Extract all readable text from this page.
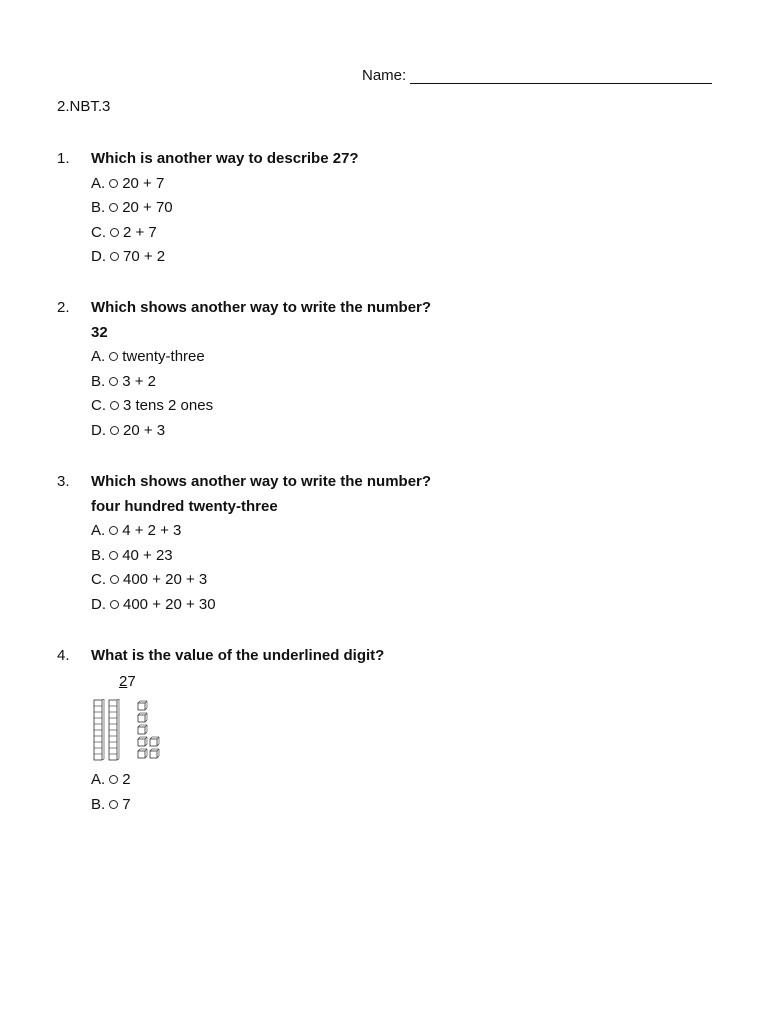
Name:
2.NBT.3
1.	Which is another way to describe 27?
A. 20 + 7
B. 20 + 70
C. 2 + 7
D. 70 + 2
2.	Which shows another way to write the number?
32
A. twenty-three
B. 3 + 2
C. 3 tens 2 ones
D. 20 + 3
3.	Which shows another way to write the number?
four hundred twenty-three
A. 4 + 2 + 3
B. 40 + 23
C. 400 + 20 + 3
D. 400 + 20 + 30
4.	What is the value of the underlined digit?
27
A. 2
B. 7
